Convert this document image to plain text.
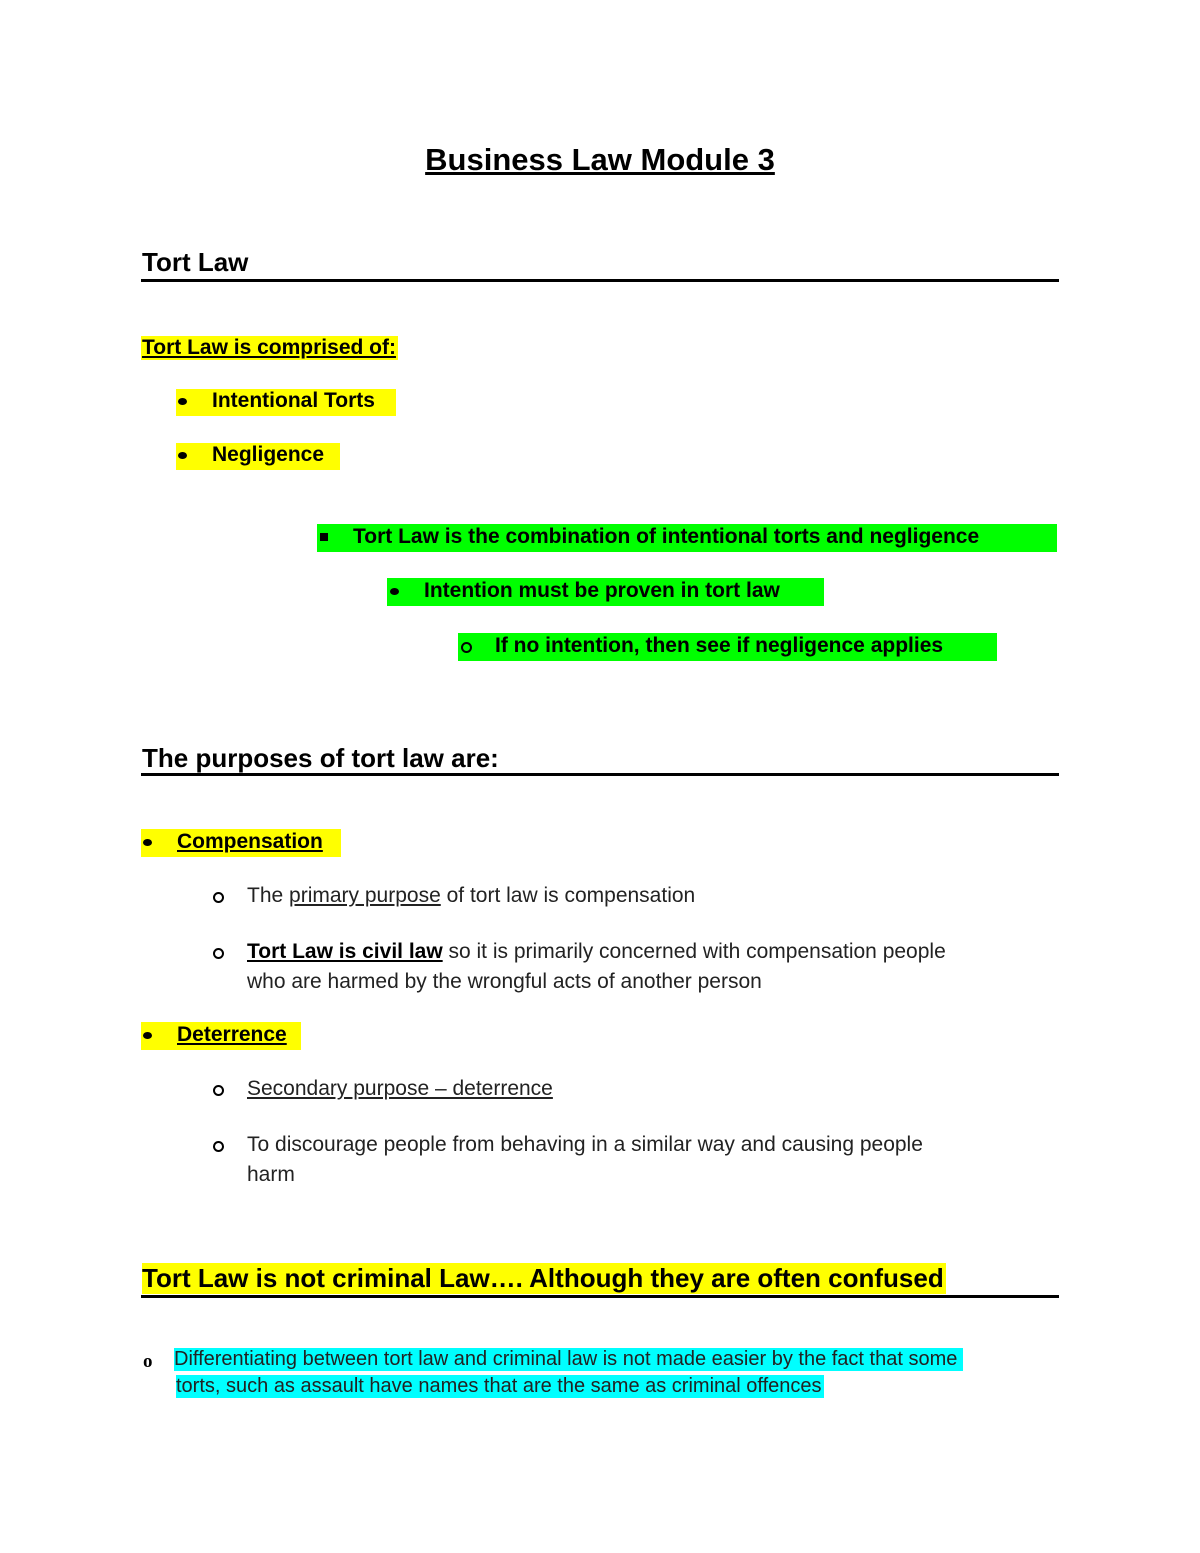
Business Law Module 3
Tort Law
Tort Law is comprised of:
Intentional Torts
Negligence
Tort Law is the combination of intentional torts and negligence
Intention must be proven in tort law
If no intention, then see if negligence applies
The purposes of tort law are:
Compensation
The primary purpose of tort law is compensation
Tort Law is civil law so it is primarily concerned with compensation people
who are harmed by the wrongful acts of another person
Deterrence
Secondary purpose – deterrence
To discourage people from behaving in a similar way and causing people
harm
Tort Law is not criminal Law…. Although they are often confused
o Differentiating between tort law and criminal law is not made easier by the fact that some
torts, such as assault have names that are the same as criminal offences
